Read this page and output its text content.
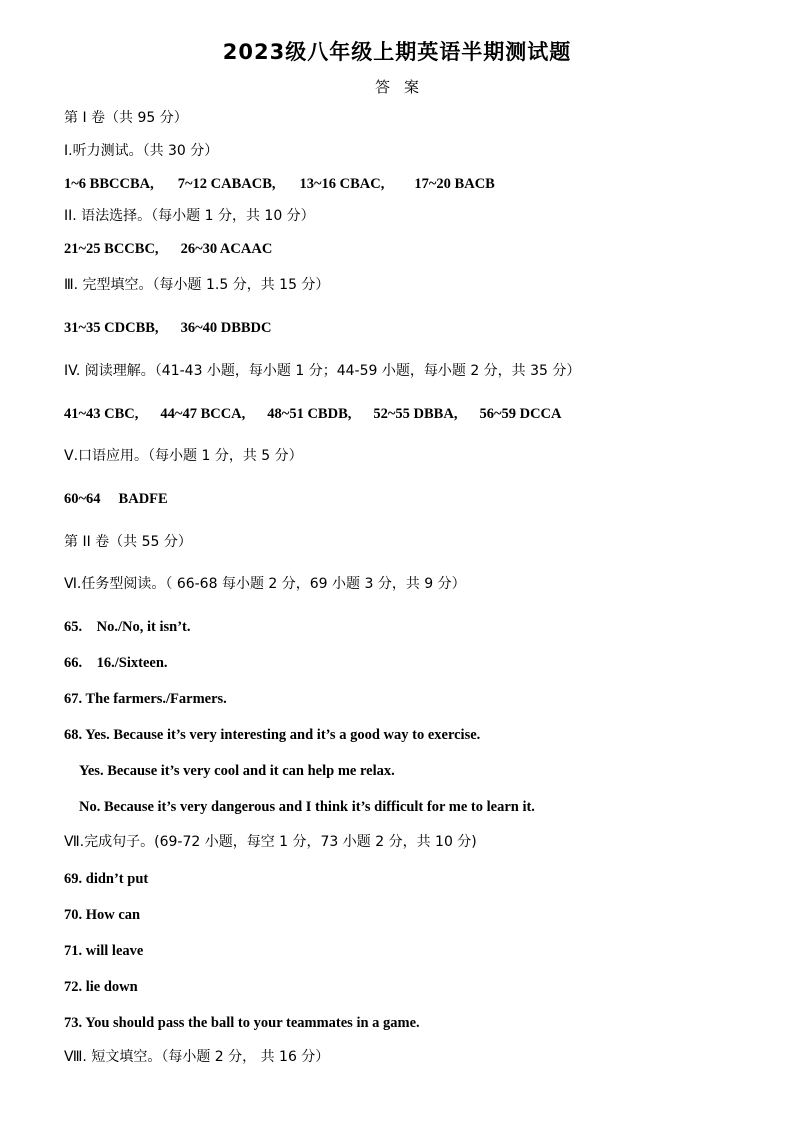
2023级八年级上期英语半期测试题
答案
第 I 卷（共 95 分）
I.听力测试。（共 30 分）
1~6 BBCCBA, 7~12 CABACB, 13~16 CBAC, 17~20 BACB
II. 语法选择。（每小题 1 分，共 10 分）
21~25 BCCBC, 26~30 ACAAC
Ⅲ. 完型填空。（每小题 1.5 分，共 15 分）
31~35 CDCBB, 36~40 DBBDC
IV. 阅读理解。（41-43 小题，每小题 1 分；44-59 小题，每小题 2 分，共 35 分）
41~43 CBC, 44~47 BCCA, 48~51 CBDB, 52~55 DBBA, 56~59 DCCA
Ⅴ.口语应用。（每小题 1 分，共 5 分）
60~64 BADFE
第 II 卷（共 55 分）
Ⅵ.任务型阅读。（ 66-68 每小题 2 分，69 小题 3 分，共 9 分）
65.    No./No, it isn’t.
66.    16./Sixteen.
67. The farmers./Farmers.
68. Yes. Because it’s very interesting and it’s a good way to exercise.
Yes. Because it’s very cool and it can help me relax.
No. Because it’s very dangerous and I think it’s difficult for me to learn it.
Ⅶ.完成句子。(69-72 小题，每空 1 分，73 小题 2 分，共 10 分)
69. didn’t put
70. How can
71. will leave
72. lie down
73. You should pass the ball to your teammates in a game.
Ⅷ. 短文填空。（每小题 2 分， 共 16 分）
